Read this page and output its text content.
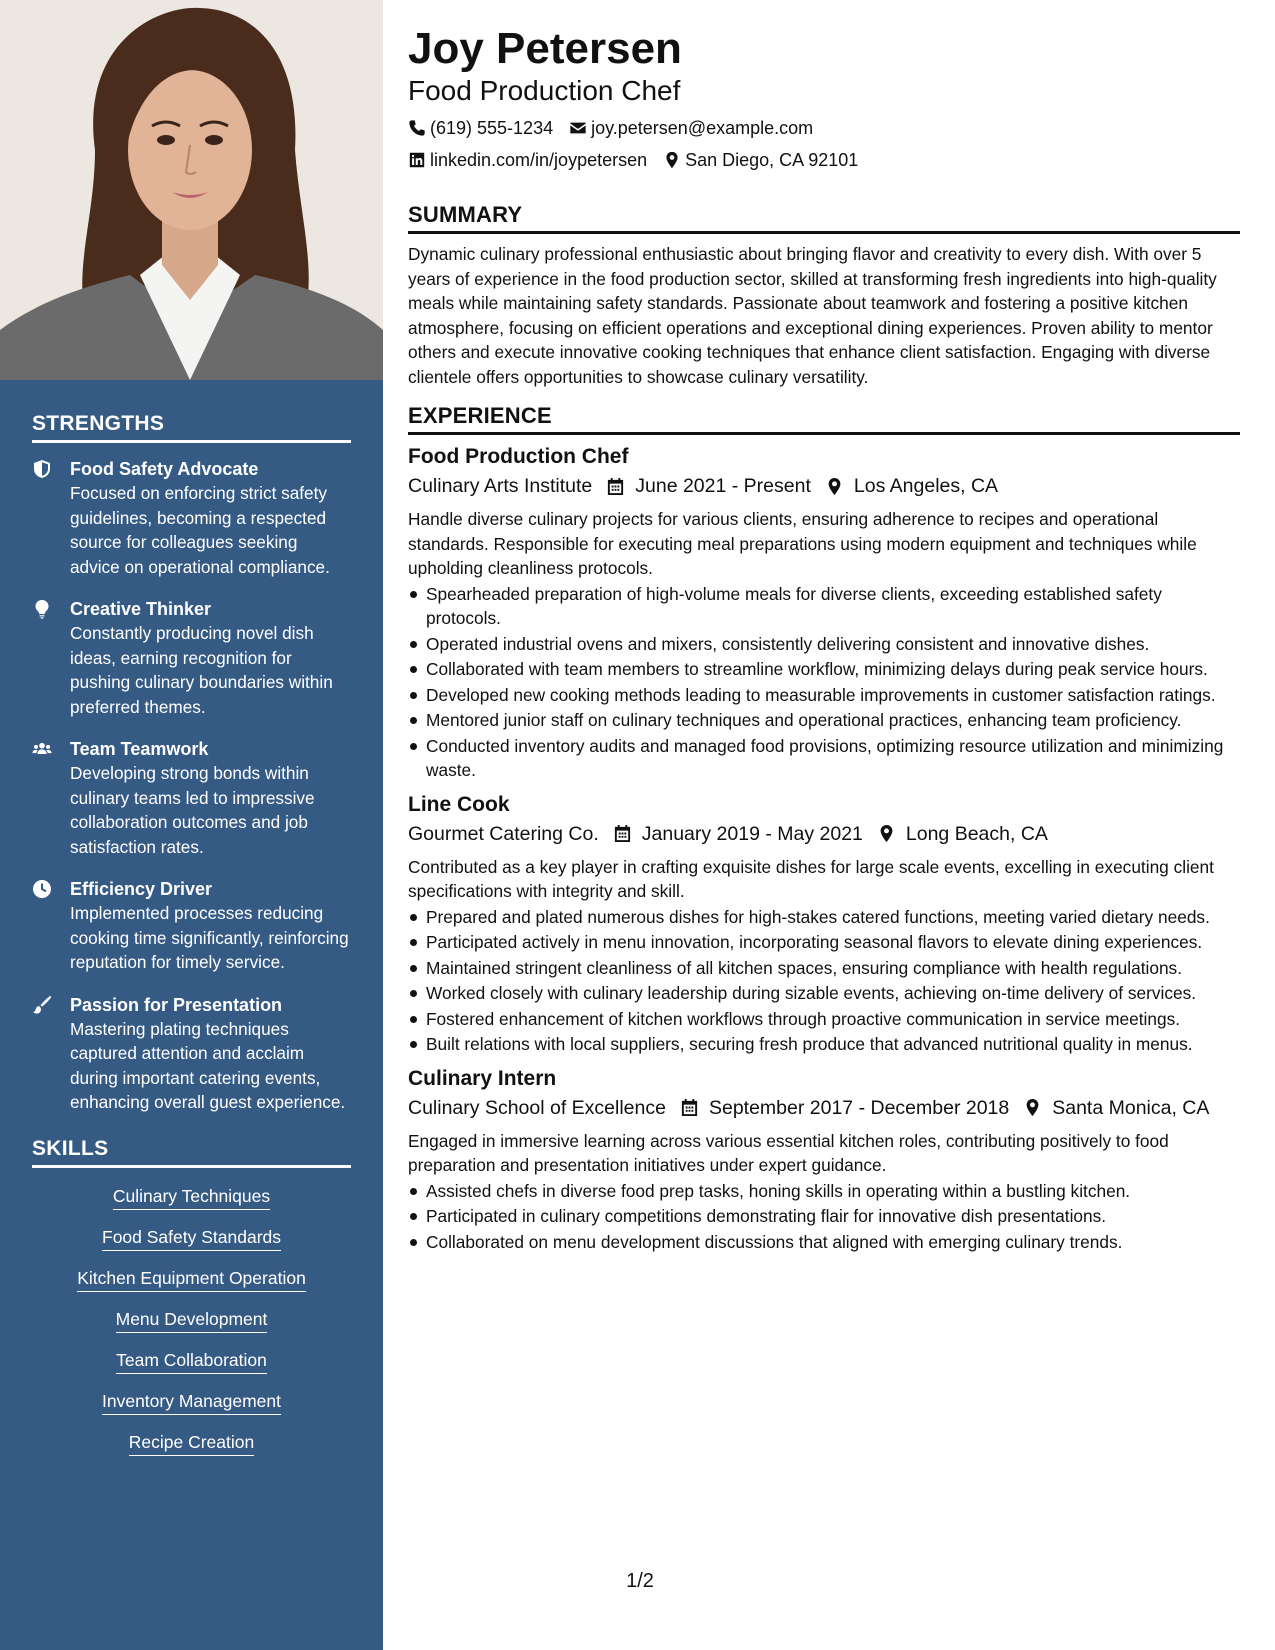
STRENGTHS
Food Safety Advocate
Focused on enforcing strict safety guidelines, becoming a respected source for colleagues seeking advice on operational compliance.
Creative Thinker
Constantly producing novel dish ideas, earning recognition for pushing culinary boundaries within preferred themes.
Team Teamwork
Developing strong bonds within culinary teams led to impressive collaboration outcomes and job satisfaction rates.
Efficiency Driver
Implemented processes reducing cooking time significantly, reinforcing reputation for timely service.
Passion for Presentation
Mastering plating techniques captured attention and acclaim during important catering events, enhancing overall guest experience.
SKILLS
Culinary Techniques
Food Safety Standards
Kitchen Equipment Operation
Menu Development
Team Collaboration
Inventory Management
Recipe Creation
Joy Petersen
Food Production Chef
(619) 555-1234 joy.petersen@example.com
linkedin.com/in/joypetersen San Diego, CA 92101
SUMMARY
Dynamic culinary professional enthusiastic about bringing flavor and creativity to every dish. With over 5 years of experience in the food production sector, skilled at transforming fresh ingredients into high-quality meals while maintaining safety standards. Passionate about teamwork and fostering a positive kitchen atmosphere, focusing on efficient operations and exceptional dining experiences. Proven ability to mentor others and execute innovative cooking techniques that enhance client satisfaction. Engaging with diverse clientele offers opportunities to showcase culinary versatility.
EXPERIENCE
Food Production Chef
Culinary Arts Institute June 2021 - Present Los Angeles, CA
Handle diverse culinary projects for various clients, ensuring adherence to recipes and operational standards. Responsible for executing meal preparations using modern equipment and techniques while upholding cleanliness protocols.
Spearheaded preparation of high-volume meals for diverse clients, exceeding established safety protocols.
Operated industrial ovens and mixers, consistently delivering consistent and innovative dishes.
Collaborated with team members to streamline workflow, minimizing delays during peak service hours.
Developed new cooking methods leading to measurable improvements in customer satisfaction ratings.
Mentored junior staff on culinary techniques and operational practices, enhancing team proficiency.
Conducted inventory audits and managed food provisions, optimizing resource utilization and minimizing waste.
Line Cook
Gourmet Catering Co. January 2019 - May 2021 Long Beach, CA
Contributed as a key player in crafting exquisite dishes for large scale events, excelling in executing client specifications with integrity and skill.
Prepared and plated numerous dishes for high-stakes catered functions, meeting varied dietary needs.
Participated actively in menu innovation, incorporating seasonal flavors to elevate dining experiences.
Maintained stringent cleanliness of all kitchen spaces, ensuring compliance with health regulations.
Worked closely with culinary leadership during sizable events, achieving on-time delivery of services.
Fostered enhancement of kitchen workflows through proactive communication in service meetings.
Built relations with local suppliers, securing fresh produce that advanced nutritional quality in menus.
Culinary Intern
Culinary School of Excellence September 2017 - December 2018 Santa Monica, CA
Engaged in immersive learning across various essential kitchen roles, contributing positively to food preparation and presentation initiatives under expert guidance.
Assisted chefs in diverse food prep tasks, honing skills in operating within a bustling kitchen.
Participated in culinary competitions demonstrating flair for innovative dish presentations.
Collaborated on menu development discussions that aligned with emerging culinary trends.
1/2
